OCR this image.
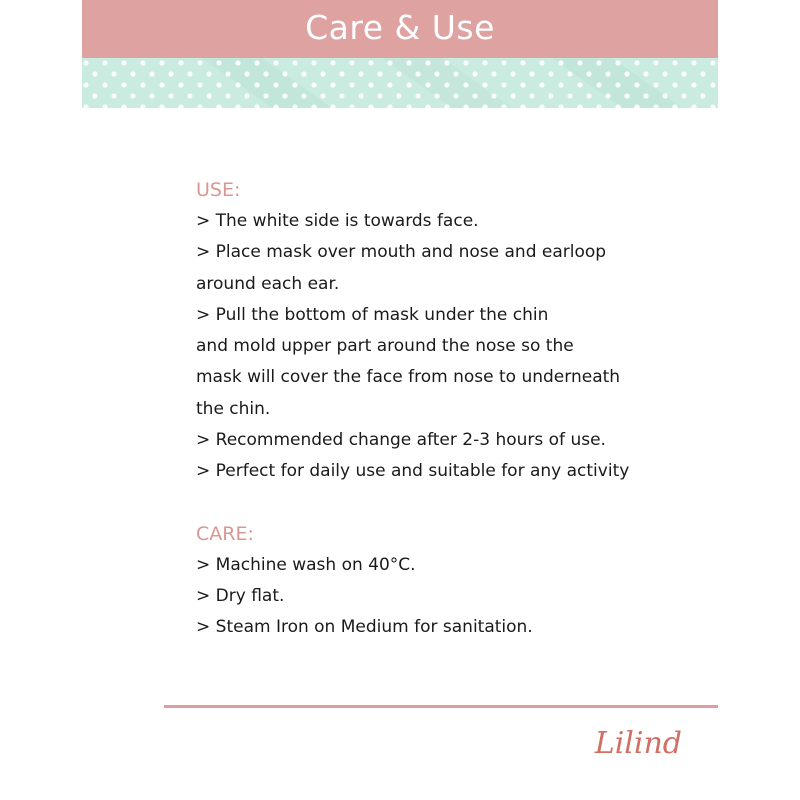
Care & Use

USE:

> The white side is towards face.

> Place mask over mouth and nose and earloop

around each ear.

> Pull the bottom of mask under the chin

and mold upper part around the nose so the

mask will cover the face from nose to underneath

the chin.

> Recommended change after 2-3 hours of use.

> Perfect for daily use and suitable for any activity

CARE:

> Machine wash on 40°C.

> Dry flat.

> Steam Iron on Medium for sanitation.

Lilind
